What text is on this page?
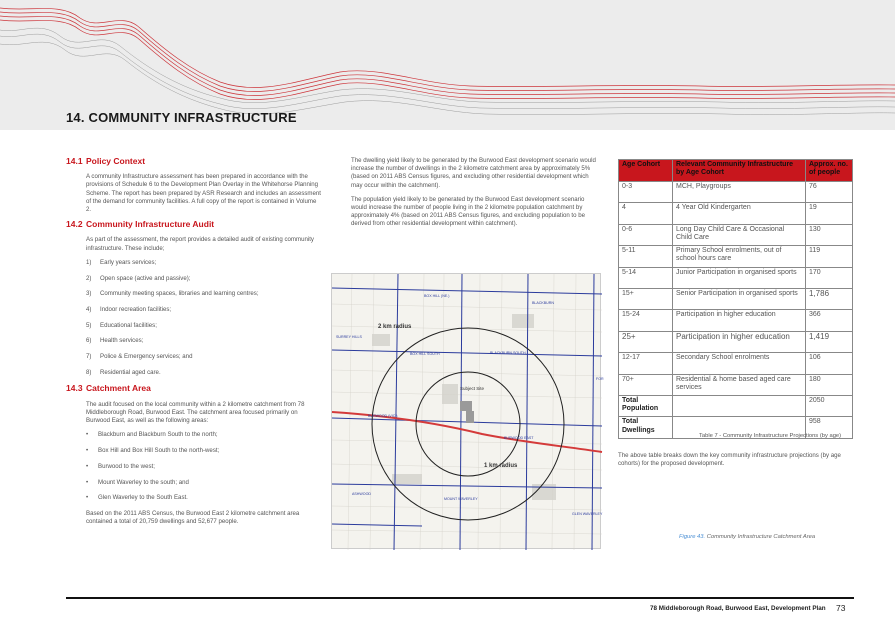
14. COMMUNITY INFRASTRUCTURE
14.1 Policy Context

A community Infrastructure assessment has been prepared in accordance with the provisions of Schedule 6 to the Development Plan Overlay in the Whitehorse Planning Scheme. The report has been prepared by ASR Research and includes an assessment of the demand for community facilities. A full copy of the report is contained in Volume 2.

14.2 Community Infrastructure Audit

As part of the assessment, the report provides a detailed audit of existing community infrastructure. These include;

1)	Early years services;
2)	Open space (active and passive);
3)	Community meeting spaces, libraries and learning centres;
4)	Indoor recreation facilities;
5)	Educational facilities;
6)	Health services;
7)	Police & Emergency services; and
8)	Residential aged care.
14.3 Catchment Area

The audit focused on the local community within a 2 kilometre catchment from 78 Middleborough Road, Burwood East. The catchment area focused primarily on Burwood East, as well as the following areas:

•	Blackburn and Blackburn South to the north;
•	Box Hill and Box Hill South to the north-west;
•	Burwood to the west;
•	Mount Waverley to the south; and
•	Glen Waverley to the South East.

Based on the 2011 ABS Census, the Burwood East 2 kilometre catchment area contained a total of 20,759 dwellings and 52,677 people.

The dwelling yield likely to be generated by the Burwood East development scenario would increase the number of dwellings in the 2 kilometre catchment area by approximately 5% (based on 2011 ABS Census figures, and excluding other residential development which may occur within the catchment).

The population yield likely to be generated by the Burwood East development scenario would increase the number of people living in the 2 kilometre population catchment by approximately 4% (based on 2011 ABS Census figures, and excluding population to be derived from other residential development within catchment).

2 km radius
1 km radius
Subject Site
BOX HILL (NE.)
BLACKBURN
SURREY HILLS
BOX HILL SOUTH	BLACKBURN SOUTH
FOR
BURWOOD (VIC.)
BURWOOD EAST
ASHWOOD
MOUNT WAVERLEY
GLEN WAVERLEY
Age Cohort	Relevant Community Infrastructure by Age Cohort	Approx. no. of people
0-3	MCH, Playgroups	76
4	4 Year Old Kindergarten	19
0-6	Long Day Child Care & Occasional Child Care	130
5-11	Primary School enrolments, out of school hours care	119
5-14	Junior Participation in organised sports	170
15+	Senior Participation in organised sports	1,786
15-24	Participation in higher education	366
25+	Participation in higher education	1,419
12-17	Secondary School enrolments	106
70+	Residential & home based aged care services	180
Total Population		2050
Total Dwellings		958
Table 7 - Community Infrastructure Projections (by age)

The above table breaks down the key community infrastructure projections (by age cohorts) for the proposed development.

Figure 43. Community Infrastructure Catchment Area
78 Middleborough Road, Burwood East, Development Plan 73
